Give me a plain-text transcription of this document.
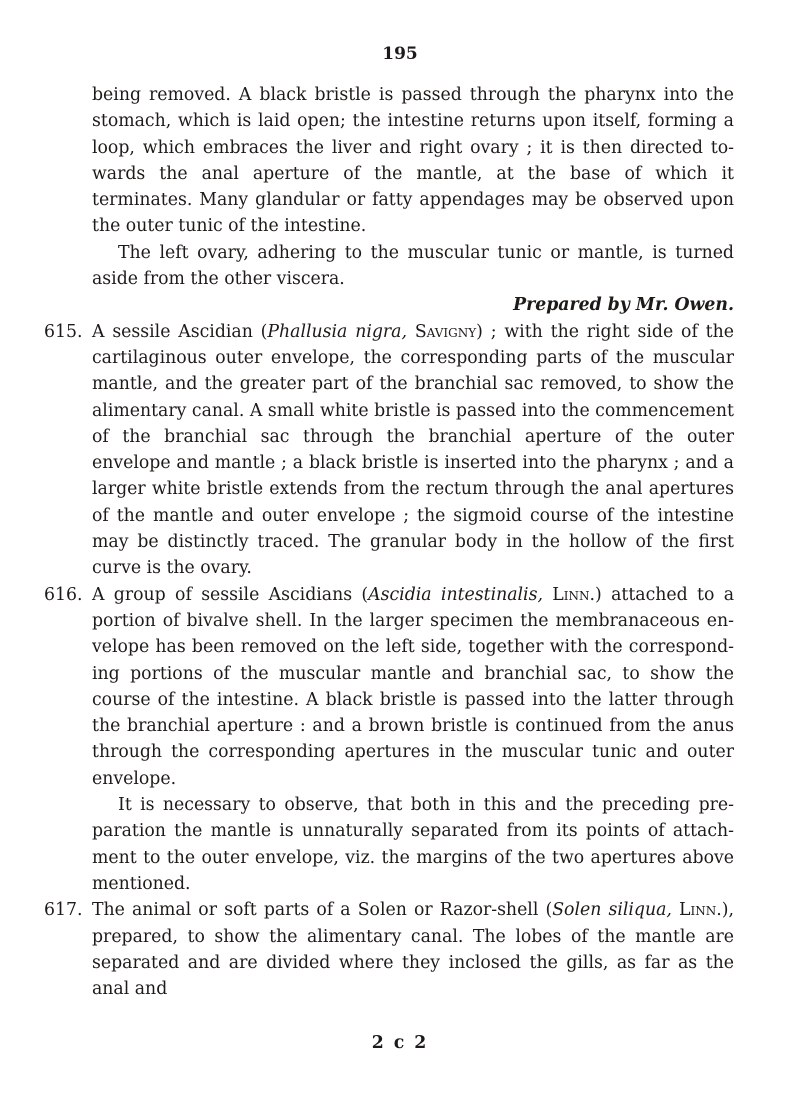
195

being removed. A black bristle is passed through the pharynx into the stomach, which is laid open; the intestine returns upon itself, forming a loop, which embraces the liver and right ovary ; it is then directed towards the anal aperture of the mantle, at the base of which it terminates. Many glandular or fatty appendages may be observed upon the outer tunic of the intestine.

The left ovary, adhering to the muscular tunic or mantle, is turned aside from the other viscera.

Prepared by Mr. Owen.
615. A sessile Ascidian (Phallusia nigra, Savigny) ; with the right side of the cartilaginous outer envelope, the corresponding parts of the muscular mantle, and the greater part of the branchial sac removed, to show the alimentary canal. A small white bristle is passed into the commencement of the branchial sac through the branchial aperture of the outer envelope and mantle ; a black bristle is inserted into the pharynx ; and a larger white bristle extends from the rectum through the anal apertures of the mantle and outer envelope ; the sigmoid course of the intestine may be distinctly traced. The granular body in the hollow of the first curve is the ovary.
616. A group of sessile Ascidians (Ascidia intestinalis, Linn.) attached to a portion of bivalve shell. In the larger specimen the membranaceous envelope has been removed on the left side, together with the corresponding portions of the muscular mantle and branchial sac, to show the course of the intestine. A black bristle is passed into the latter through the branchial aperture : and a brown bristle is continued from the anus through the corresponding apertures in the muscular tunic and outer envelope.

It is necessary to observe, that both in this and the preceding preparation the mantle is unnaturally separated from its points of attachment to the outer envelope, viz. the margins of the two apertures above mentioned.

617. The animal or soft parts of a Solen or Razor-shell (Solen siliqua, Linn.), prepared, to show the alimentary canal. The lobes of the mantle are separated and are divided where they inclosed the gills, as far as the anal and
2 c 2
